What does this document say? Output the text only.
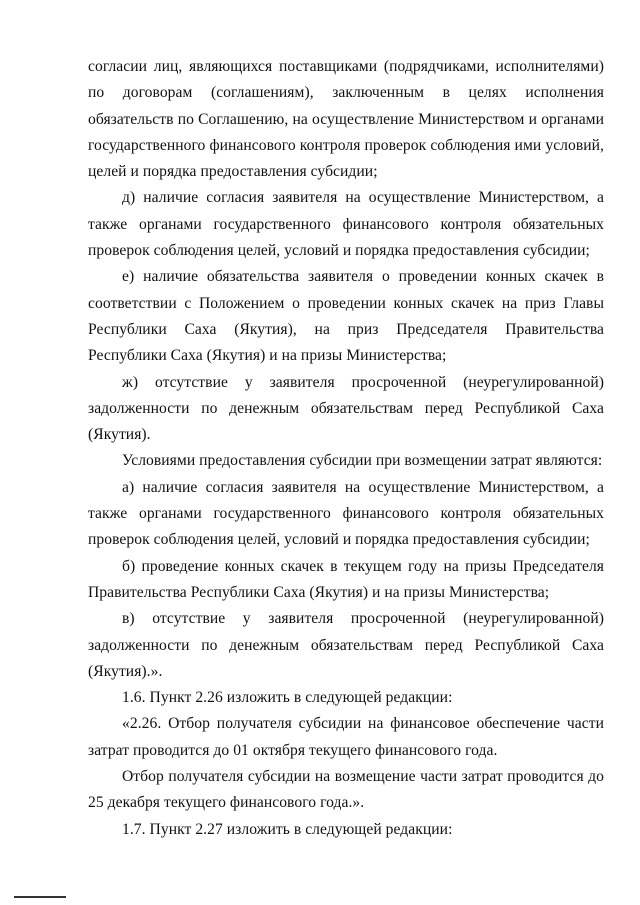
согласии лиц, являющихся поставщиками (подрядчиками, исполнителями) по договорам (соглашениям), заключенным в целях исполнения обязательств по Соглашению, на осуществление Министерством и органами государственного финансового контроля проверок соблюдения ими условий, целей и порядка предоставления субсидии;

д) наличие согласия заявителя на осуществление Министерством, а также органами государственного финансового контроля обязательных проверок соблюдения целей, условий и порядка предоставления субсидии;

е) наличие обязательства заявителя о проведении конных скачек в соответствии с Положением о проведении конных скачек на приз Главы Республики Саха (Якутия), на приз Председателя Правительства Республики Саха (Якутия) и на призы Министерства;

ж) отсутствие у заявителя просроченной (неурегулированной) задолженности по денежным обязательствам перед Республикой Саха (Якутия).

Условиями предоставления субсидии при возмещении затрат являются:

а) наличие согласия заявителя на осуществление Министерством, а также органами государственного финансового контроля обязательных проверок соблюдения целей, условий и порядка предоставления субсидии;

б) проведение конных скачек в текущем году на призы Председателя Правительства Республики Саха (Якутия) и на призы Министерства;

в) отсутствие у заявителя просроченной (неурегулированной) задолженности по денежным обязательствам перед Республикой Саха (Якутия).».

1.6. Пункт 2.26 изложить в следующей редакции:

«2.26. Отбор получателя субсидии на финансовое обеспечение части затрат проводится до 01 октября текущего финансового года.

Отбор получателя субсидии на возмещение части затрат проводится до 25 декабря текущего финансового года.».

1.7. Пункт 2.27 изложить в следующей редакции:
